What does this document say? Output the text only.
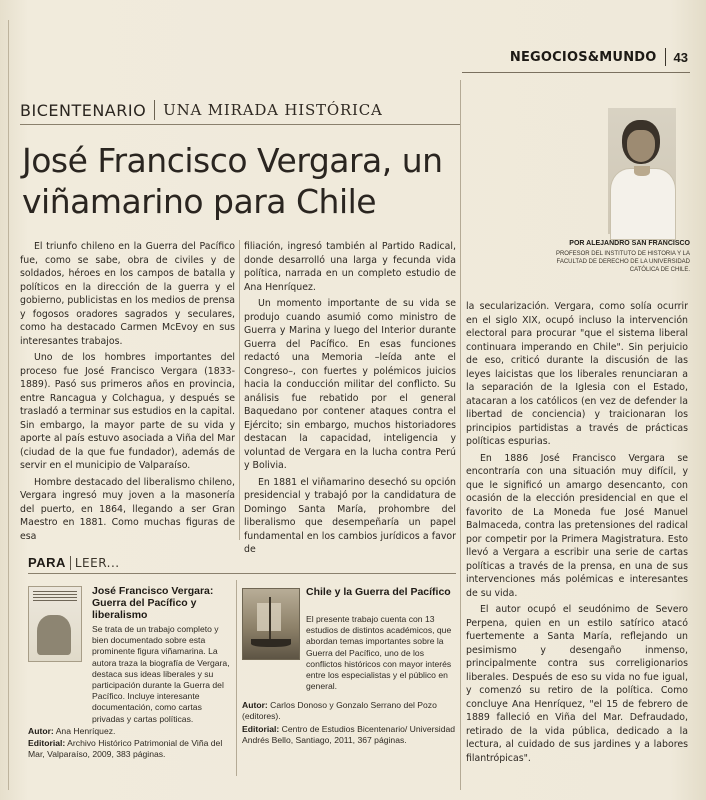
NEGOCIOS&MUNDO 43
BICENTENARIO UNA MIRADA HISTÓRICA
José Francisco Vergara, un viñamarino para Chile
POR ALEJANDRO SAN FRANCISCO
PROFESOR DEL INSTITUTO DE HISTORIA Y LA FACULTAD DE DERECHO DE LA UNIVERSIDAD CATÓLICA DE CHILE.

El triunfo chileno en la Guerra del Pacífico fue, como se sabe, obra de civiles y de soldados, héroes en los campos de batalla y políticos en la dirección de la guerra y el gobierno, publicistas en los medios de prensa y fogosos oradores sagrados y seculares, como ha destacado Carmen McEvoy en sus interesantes trabajos.

Uno de los hombres importantes del proceso fue José Francisco Vergara (1833-1889). Pasó sus primeros años en provincia, entre Rancagua y Colchagua, y después se trasladó a terminar sus estudios en la capital. Sin embargo, la mayor parte de su vida y aporte al país estuvo asociada a Viña del Mar (ciudad de la que fue fundador), además de servir en el municipio de Valparaíso.

Hombre destacado del liberalismo chileno, Vergara ingresó muy joven a la masonería del puerto, en 1864, llegando a ser Gran Maestro en 1881. Como muchas figuras de esa

filiación, ingresó también al Partido Radical, donde desarrolló una larga y fecunda vida política, narrada en un completo estudio de Ana Henríquez.

Un momento importante de su vida se produjo cuando asumió como ministro de Guerra y Marina y luego del Interior durante Guerra del Pacífico. En esas funciones redactó una Memoria –leída ante el Congreso–, con fuertes y polémicos juicios hacia la conducción militar del conflicto. Su análisis fue rebatido por el general Baquedano por contener ataques contra el Ejército; sin embargo, muchos historiadores destacan la capacidad, inteligencia y voluntad de Vergara en la lucha contra Perú y Bolivia.

En 1881 el viñamarino desechó su opción presidencial y trabajó por la candidatura de Domingo Santa María, prohombre del liberalismo que desempeñaría un papel fundamental en los cambios jurídicos a favor de

la secularización. Vergara, como solía ocurrir en el siglo XIX, ocupó incluso la intervención electoral para procurar "que el sistema liberal continuara imperando en Chile". Sin perjuicio de eso, criticó durante la discusión de las leyes laicistas que los liberales renunciaran a la separación de la Iglesia con el Estado, atacaran a los católicos (en vez de defender la libertad de conciencia) y traicionaran los principios partidistas a través de prácticas políticas espurias.

En 1886 José Francisco Vergara se encontraría con una situación muy difícil, y que le significó un amargo desencanto, con ocasión de la elección presidencial en que el favorito de La Moneda fue José Manuel Balmaceda, contra las pretensiones del radical por competir por la Primera Magistratura. Esto llevó a Vergara a escribir una serie de cartas políticas a través de la prensa, en una de sus intervenciones más polémicas e interesantes de su vida.

El autor ocupó el seudónimo de Severo Perpena, quien en un estilo satírico atacó fuertemente a Santa María, reflejando un pesimismo y desengaño inmenso, principalmente contra sus correligionarios liberales. Después de eso su vida no fue igual, y comenzó su retiro de la política. Como concluye Ana Henríquez, "el 15 de febrero de 1889 falleció en Viña del Mar. Defraudado, retirado de la vida pública, dedicado a la lectura, al cuidado de sus jardines y a labores filantrópicas".

PARA LEER...
José Francisco Vergara: Guerra del Pacífico y liberalismo
Se trata de un trabajo completo y bien documentado sobre esta prominente figura viñamarina. La autora traza la biografía de Vergara, destaca sus ideas liberales y su participación durante la Guerra del Pacífico. Incluye interesante documentación, como cartas privadas y cartas políticas.
Autor: Ana Henríquez.
Editorial: Archivo Histórico Patrimonial de Viña del Mar, Valparaíso, 2009, 383 páginas.
Chile y la Guerra del Pacífico
El presente trabajo cuenta con 13 estudios de distintos académicos, que abordan temas importantes sobre la Guerra del Pacífico, uno de los conflictos históricos con mayor interés entre los especialistas y el público en general.
Autor: Carlos Donoso y Gonzalo Serrano del Pozo (editores).
Editorial: Centro de Estudios Bicentenario/ Universidad Andrés Bello, Santiago, 2011, 367 páginas.
